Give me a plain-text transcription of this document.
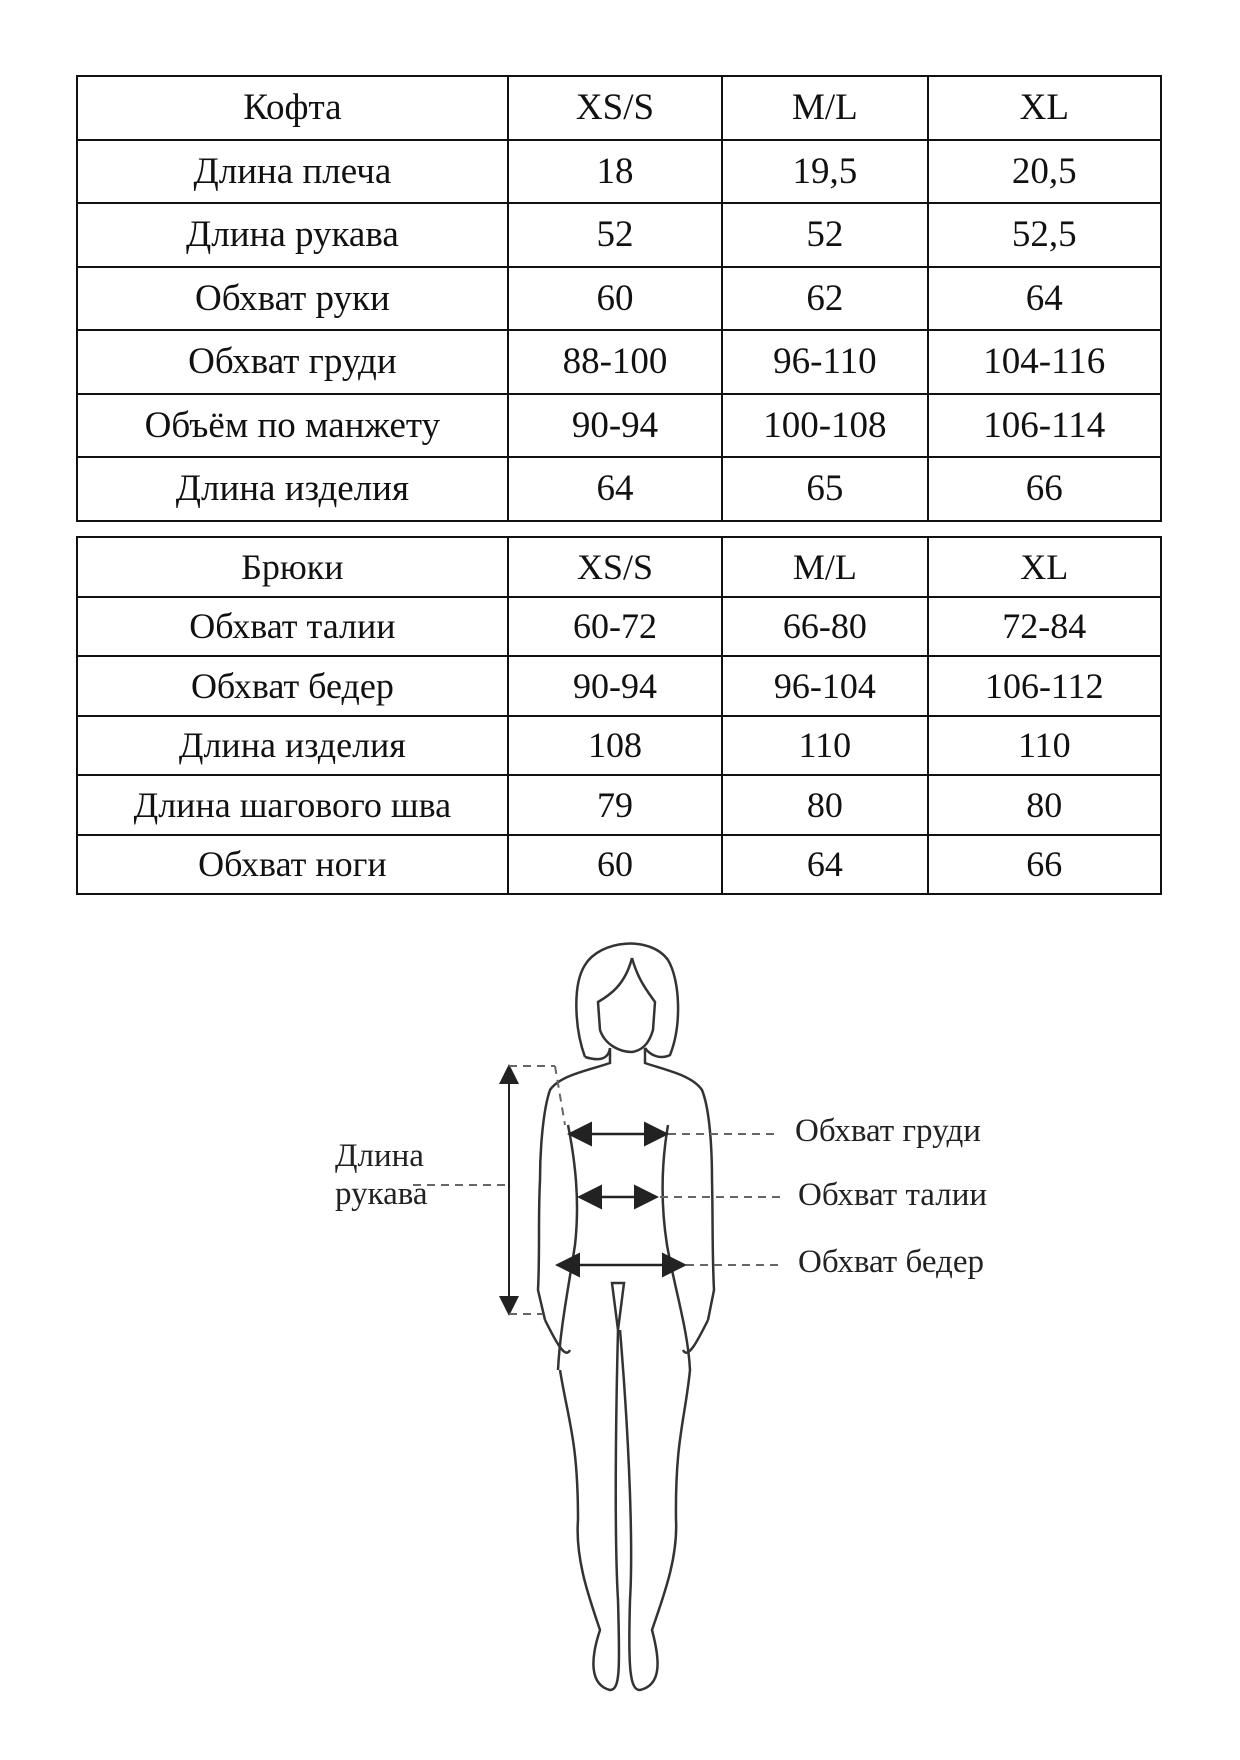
Кофта	XS/S	M/L	XL
Длина плеча	18	19,5	20,5
Длина рукава	52	52	52,5
Обхват руки	60	62	64
Обхват груди	88-100	96-110	104-116
Объём по манжету	90-94	100-108	106-114
Длина изделия	64	65	66
Брюки	XS/S	M/L	XL
Обхват талии	60-72	66-80	72-84
Обхват бедер	90-94	96-104	106-112
Длина изделия	108	110	110
Длина шагового шва	79	80	80
Обхват ноги	60	64	66
Длина
рукава
Обхват груди
Обхват талии
Обхват бедер
